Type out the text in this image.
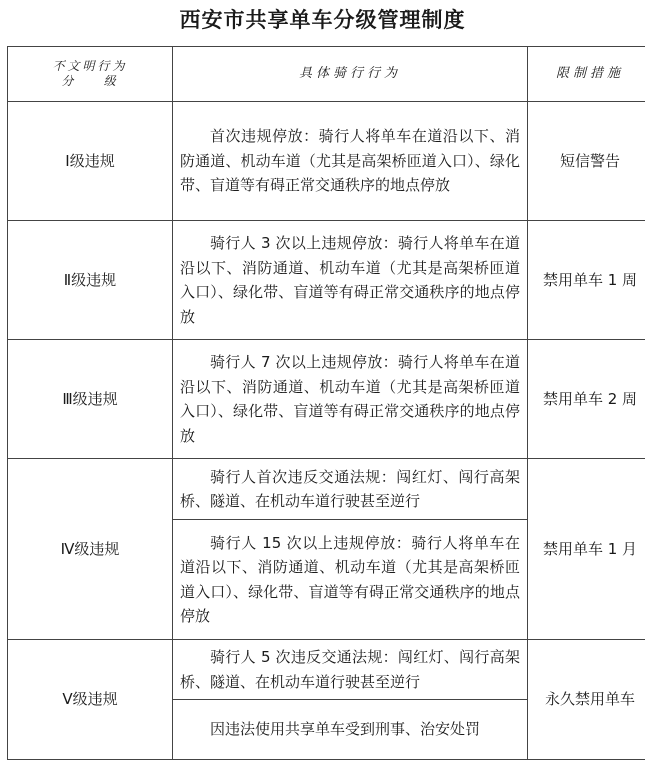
西安市共享单车分级管理制度
不文明行为
分    级	具体骑行行为	限制措施
Ⅰ级违规	首次违规停放：骑行人将单车在道沿以下、消防通道、机动车道（尤其是高架桥匝道入口）、绿化带、盲道等有碍正常交通秩序的地点停放	短信警告
Ⅱ级违规	骑行人 3 次以上违规停放：骑行人将单车在道沿以下、消防通道、机动车道（尤其是高架桥匝道入口）、绿化带、盲道等有碍正常交通秩序的地点停放	禁用单车 1 周
Ⅲ级违规	骑行人 7 次以上违规停放：骑行人将单车在道沿以下、消防通道、机动车道（尤其是高架桥匝道入口）、绿化带、盲道等有碍正常交通秩序的地点停放	禁用单车 2 周
Ⅳ级违规	骑行人首次违反交通法规：闯红灯、闯行高架桥、隧道、在机动车道行驶甚至逆行	禁用单车 1 月

	骑行人 15 次以上违规停放：骑行人将单车在道沿以下、消防通道、机动车道（尤其是高架桥匝道入口）、绿化带、盲道等有碍正常交通秩序的地点停放	

Ⅴ级违规	骑行人 5 次违反交通法规：闯红灯、闯行高架桥、隧道、在机动车道行驶甚至逆行	永久禁用单车

	因违法使用共享单车受到刑事、治安处罚	
